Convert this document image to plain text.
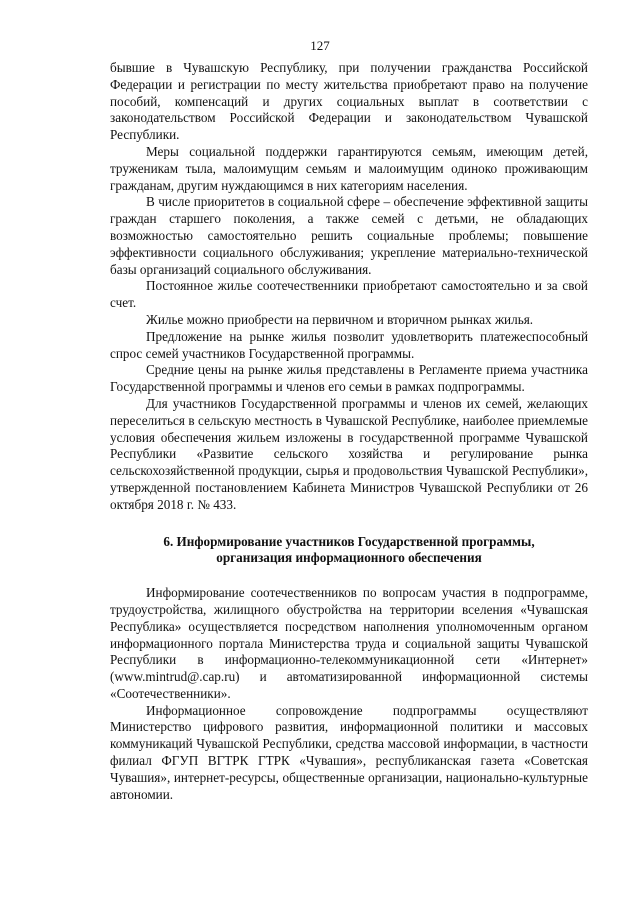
127

бывшие в Чувашскую Республику, при получении гражданства Российской Федерации и регистрации по месту жительства приобретают право на получение пособий, компенсаций и других социальных выплат в соответствии с законодательством Российской Федерации и законодательством Чувашской Республики.

Меры социальной поддержки гарантируются семьям, имеющим детей, труженикам тыла, малоимущим семьям и малоимущим одиноко проживающим гражданам, другим нуждающимся в них категориям населения.

В числе приоритетов в социальной сфере – обеспечение эффективной защиты граждан старшего поколения, а также семей с детьми, не обладающих возможностью самостоятельно решить социальные проблемы; повышение эффективности социального обслуживания; укрепление материально-технической базы организаций социального обслуживания.

Постоянное жилье соотечественники приобретают самостоятельно и за свой счет.

Жилье можно приобрести на первичном и вторичном рынках жилья.

Предложение на рынке жилья позволит удовлетворить платежеспособный спрос семей участников Государственной программы.

Средние цены на рынке жилья представлены в Регламенте приема участника Государственной программы и членов его семьи в рамках подпрограммы.

Для участников Государственной программы и членов их семей, желающих переселиться в сельскую местность в Чувашской Республике, наиболее приемлемые условия обеспечения жильем изложены в государственной программе Чувашской Республики «Развитие сельского хозяйства и регулирование рынка сельскохозяйственной продукции, сырья и продовольствия Чувашской Республики», утвержденной постановлением Кабинета Министров Чувашской Республики от 26 октября 2018 г. № 433.

6. Информирование участников Государственной программы,
организация информационного обеспечения

Информирование соотечественников по вопросам участия в подпрограмме, трудоустройства, жилищного обустройства на территории вселения «Чувашская Республика» осуществляется посредством наполнения уполномоченным органом информационного портала Министерства труда и социальной защиты Чувашской Республики в информационно-телекоммуникационной сети «Интернет» (www.mintrud@.cap.ru) и автоматизированной информационной системы «Соотечественники».

Информационное сопровождение подпрограммы осуществляют Министерство цифрового развития, информационной политики и массовых коммуникаций Чувашской Республики, средства массовой информации, в частности филиал ФГУП ВГТРК ГТРК «Чувашия», республиканская газета «Советская Чувашия», интернет-ресурсы, общественные организации, национально-культурные автономии.
